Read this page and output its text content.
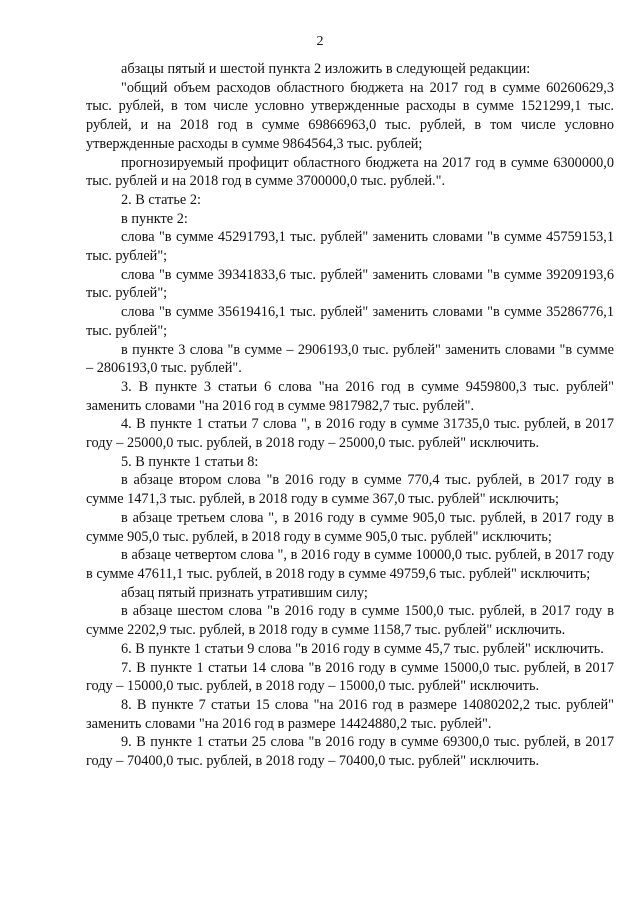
2

абзацы пятый и шестой пункта 2 изложить в следующей редакции:

"общий объем расходов областного бюджета на 2017 год в сумме 60260629,3 тыс. рублей, в том числе условно утвержденные расходы в сумме 1521299,1 тыс. рублей, и на 2018 год в сумме 69866963,0 тыс. рублей, в том числе условно утвержденные расходы в сумме 9864564,3 тыс. рублей;

прогнозируемый профицит областного бюджета на 2017 год в сумме 6300000,0 тыс. рублей и на 2018 год в сумме 3700000,0 тыс. рублей.".

2. В статье 2:

в пункте 2:

слова "в сумме 45291793,1 тыс. рублей" заменить словами "в сумме 45759153,1 тыс. рублей";

слова "в сумме 39341833,6 тыс. рублей" заменить словами "в сумме 39209193,6 тыс. рублей";

слова "в сумме 35619416,1 тыс. рублей" заменить словами "в сумме 35286776,1 тыс. рублей";

в пункте 3 слова "в сумме – 2906193,0 тыс. рублей" заменить словами "в сумме – 2806193,0 тыс. рублей".

3. В пункте 3 статьи 6 слова "на 2016 год в сумме 9459800,3 тыс. рублей" заменить словами "на 2016 год в сумме 9817982,7 тыс. рублей".

4. В пункте 1 статьи 7 слова ", в 2016 году в сумме 31735,0 тыс. рублей, в 2017 году – 25000,0 тыс. рублей, в 2018 году – 25000,0 тыс. рублей" исключить.

5. В пункте 1 статьи 8:

в абзаце втором слова "в 2016 году в сумме 770,4 тыс. рублей, в 2017 году в сумме 1471,3 тыс. рублей, в 2018 году в сумме 367,0 тыс. рублей" исключить;

в абзаце третьем слова ", в 2016 году в сумме 905,0 тыс. рублей, в 2017 году в сумме 905,0 тыс. рублей, в 2018 году в сумме 905,0 тыс. рублей" исключить;

в абзаце четвертом слова ", в 2016 году в сумме 10000,0 тыс. рублей, в 2017 году в сумме 47611,1 тыс. рублей, в 2018 году в сумме 49759,6 тыс. рублей" исключить;

абзац пятый признать утратившим силу;

в абзаце шестом слова "в 2016 году в сумме 1500,0 тыс. рублей, в 2017 году в сумме 2202,9 тыс. рублей, в 2018 году в сумме 1158,7 тыс. рублей" исключить.

6. В пункте 1 статьи 9 слова "в 2016 году в сумме 45,7 тыс. рублей" исключить.

7. В пункте 1 статьи 14 слова "в 2016 году в сумме 15000,0 тыс. рублей, в 2017 году – 15000,0 тыс. рублей, в 2018 году – 15000,0 тыс. рублей" исключить.

8. В пункте 7 статьи 15 слова "на 2016 год в размере 14080202,2 тыс. рублей" заменить словами "на 2016 год в размере 14424880,2 тыс. рублей".

9. В пункте 1 статьи 25 слова "в 2016 году в сумме 69300,0 тыс. рублей, в 2017 году – 70400,0 тыс. рублей, в 2018 году – 70400,0 тыс. рублей" исключить.
